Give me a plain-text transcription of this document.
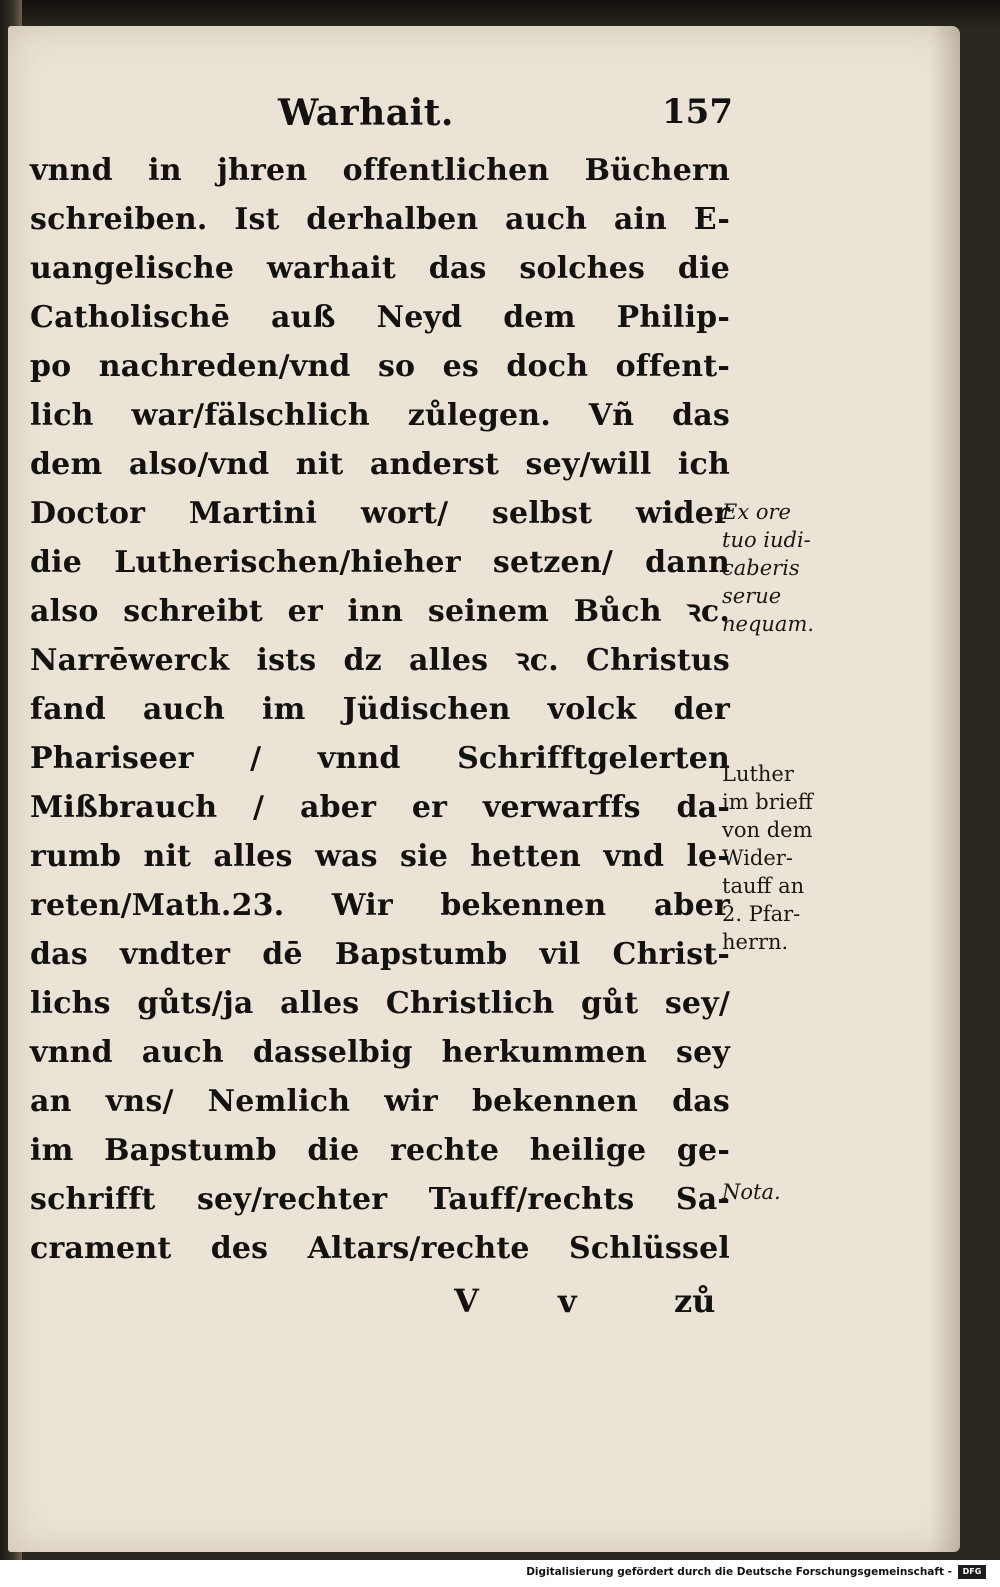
Warhait.	157
vnnd in jhren offentlichen Büchern
schreiben. Ist derhalben auch ain E-
uangelische warhait das solches die
Catholischē auß Neyd dem Philip-
po nachreden/vnd so es doch offent-
lich war/fälschlich zůlegen. Vñ das
dem also/vnd nit anderst sey/will ich
Doctor Martini wort/ selbst wider
die Lutherischen/hieher setzen/ dann
also schreibt er inn seinem Bůch ꝛc.
Narrēwerck ists dz alles ꝛc. Christus
fand auch im Jüdischen volck der
Phariseer / vnnd Schrifftgelerten
Mißbrauch / aber er verwarffs da-
rumb nit alles was sie hetten vnd le-
reten/Math.23. Wir bekennen aber
das vndter dē Bapstumb vil Christ-
lichs gůts/ja alles Christlich gůt sey/
vnnd auch dasselbig herkummen sey
an vns/ Nemlich wir bekennen das
im Bapstumb die rechte heilige ge-
schrifft sey/rechter Tauff/rechts Sa-
crament des Altars/rechte Schlüssel
Ex ore
tuo iudi-
caberis
serue
nequam.
Luther
im brieff
von dem
Wider-
tauff an
2. Pfar-
herrn.
Nota.
V v	zů
Digitalisierung gefördert durch die Deutsche Forschungsgemeinschaft -	DFG
